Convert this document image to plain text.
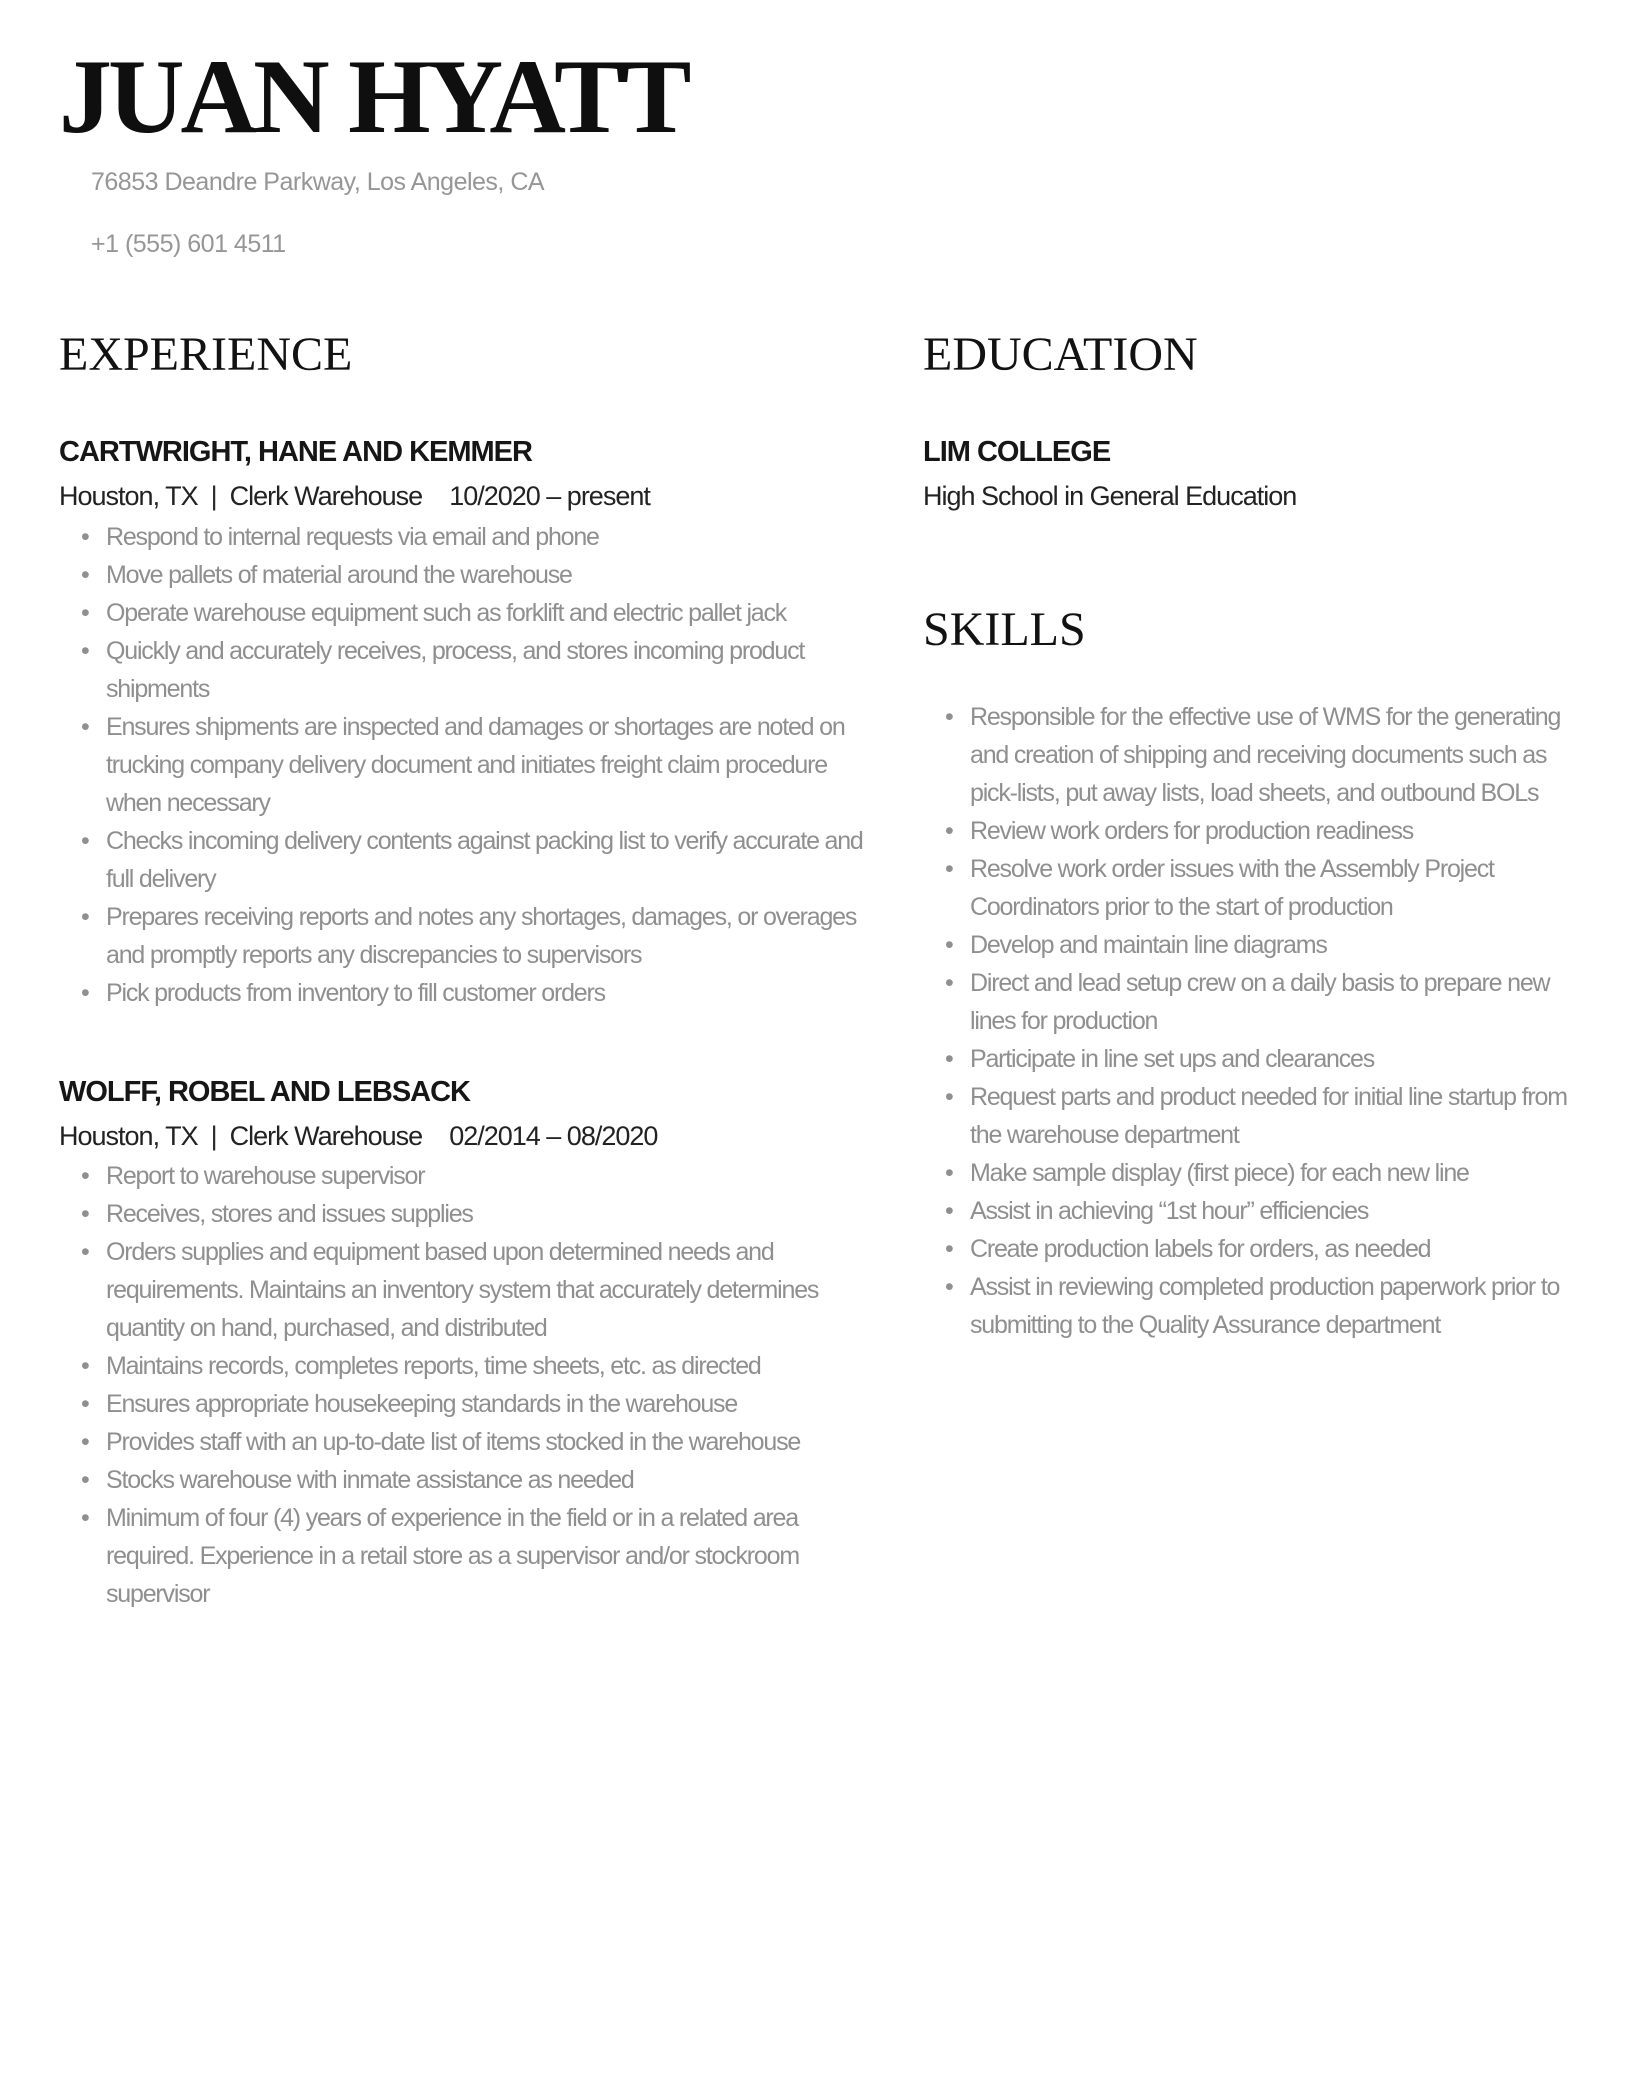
JUAN HYATT

76853 Deandre Parkway, Los Angeles, CA

+1 (555) 601 4511

EXPERIENCE
CARTWRIGHT, HANE AND KEMMER
Houston, TX | Clerk Warehouse 10/2020 – present
• Respond to internal requests via email and phone
• Move pallets of material around the warehouse
• Operate warehouse equipment such as forklift and electric pallet jack
• Quickly and accurately receives, process, and stores incoming product shipments
• Ensures shipments are inspected and damages or shortages are noted on trucking company delivery document and initiates freight claim procedure when necessary
• Checks incoming delivery contents against packing list to verify accurate and full delivery
• Prepares receiving reports and notes any shortages, damages, or overages and promptly reports any discrepancies to supervisors
• Pick products from inventory to fill customer orders
WOLFF, ROBEL AND LEBSACK
Houston, TX | Clerk Warehouse 02/2014 – 08/2020
• Report to warehouse supervisor
• Receives, stores and issues supplies
• Orders supplies and equipment based upon determined needs and requirements. Maintains an inventory system that accurately determines quantity on hand, purchased, and distributed
• Maintains records, completes reports, time sheets, etc. as directed
• Ensures appropriate housekeeping standards in the warehouse
• Provides staff with an up-to-date list of items stocked in the warehouse
• Stocks warehouse with inmate assistance as needed
• Minimum of four (4) years of experience in the field or in a related area required. Experience in a retail store as a supervisor and/or stockroom supervisor
EDUCATION
LIM COLLEGE

High School in General Education

SKILLS
• Responsible for the effective use of WMS for the generating and creation of shipping and receiving documents such as pick-lists, put away lists, load sheets, and outbound BOLs
• Review work orders for production readiness
• Resolve work order issues with the Assembly Project Coordinators prior to the start of production
• Develop and maintain line diagrams
• Direct and lead setup crew on a daily basis to prepare new lines for production
• Participate in line set ups and clearances
• Request parts and product needed for initial line startup from the warehouse department
• Make sample display (first piece) for each new line
• Assist in achieving “1st hour” efficiencies
• Create production labels for orders, as needed
• Assist in reviewing completed production paperwork prior to submitting to the Quality Assurance department
